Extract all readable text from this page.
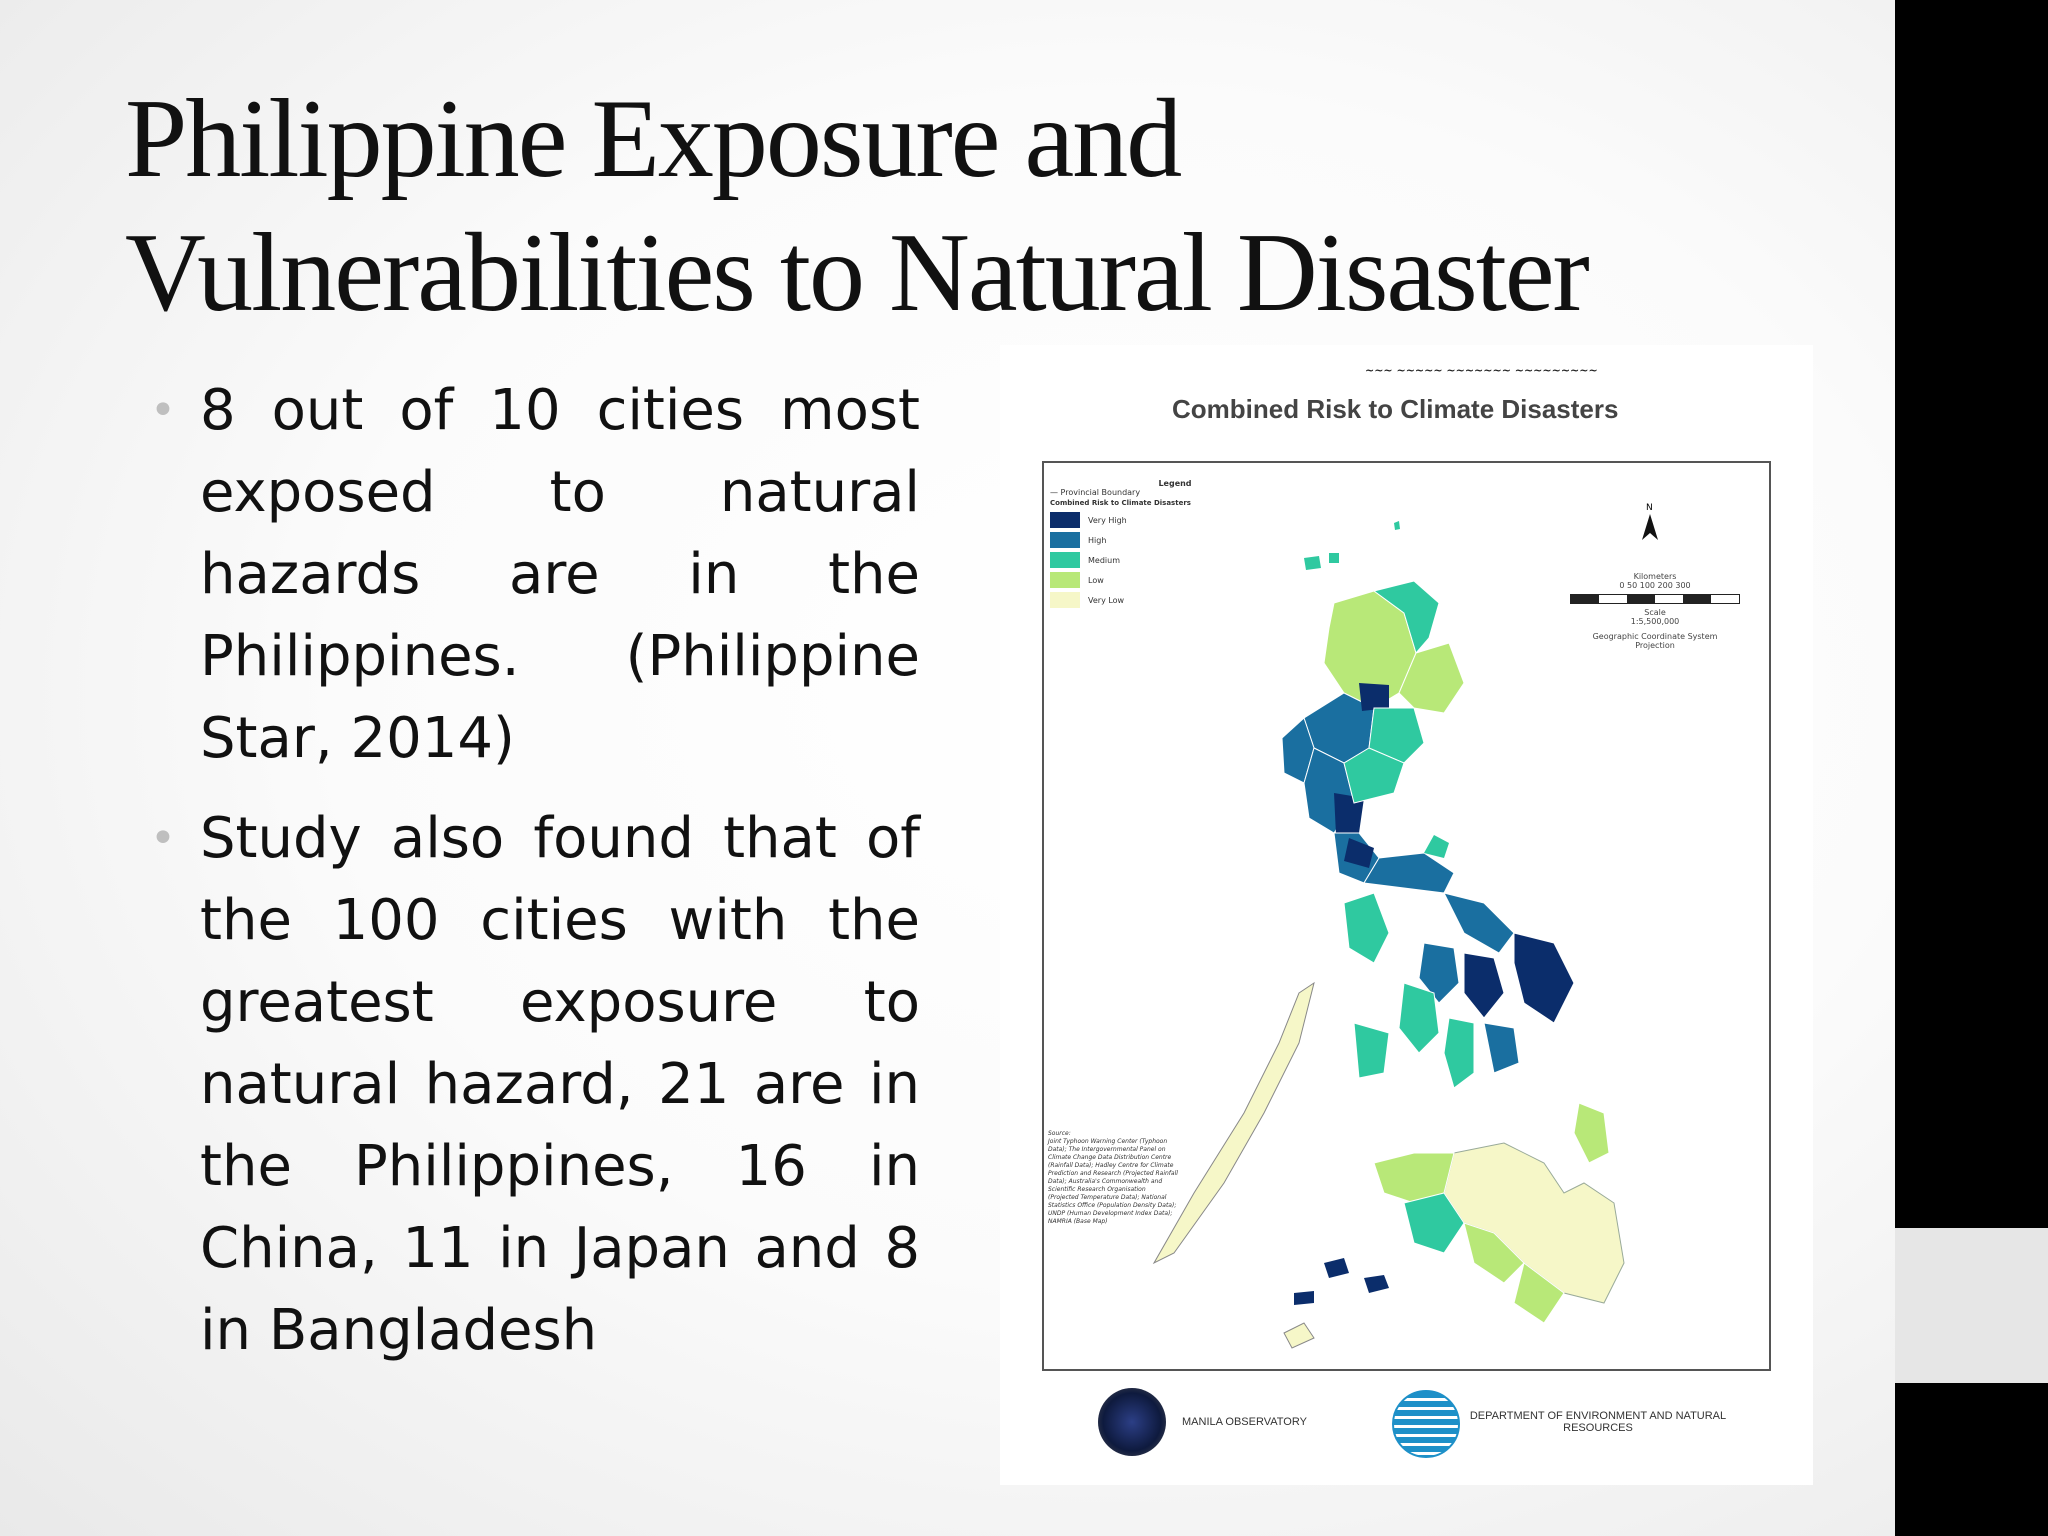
Philippine Exposure and
Vulnerabilities to Natural Disaster
• 8 out of 10 cities most exposed to natural hazards are in the Philippines. (Philippine Star, 2014)
• Study also found that of the 100 cities with the greatest exposure to natural hazard, 21 are in the Philippines, 16 in China, 11 in Japan and 8 in Bangladesh
~~~ ~~~~~ ~~~~~~~ ~~~~~~~~~
Combined Risk to Climate Disasters
Legend
— Provincial Boundary
Combined Risk to Climate Disasters
Very High
High
Medium
Low
Very Low
N
Kilometers
0 50 100 200 300
Scale
1:5,500,000
Geographic Coordinate System
Projection
Source:
Joint Typhoon Warning Center (Typhoon Data); The Intergovernmental Panel on Climate Change Data Distribution Centre (Rainfall Data); Hadley Centre for Climate Prediction and Research (Projected Rainfall Data); Australia's Commonwealth and Scientific Research Organisation (Projected Temperature Data); National Statistics Office (Population Density Data); UNDP (Human Development Index Data); NAMRIA (Base Map)
MANILA OBSERVATORY	DEPARTMENT OF ENVIRONMENT AND NATURAL RESOURCES
